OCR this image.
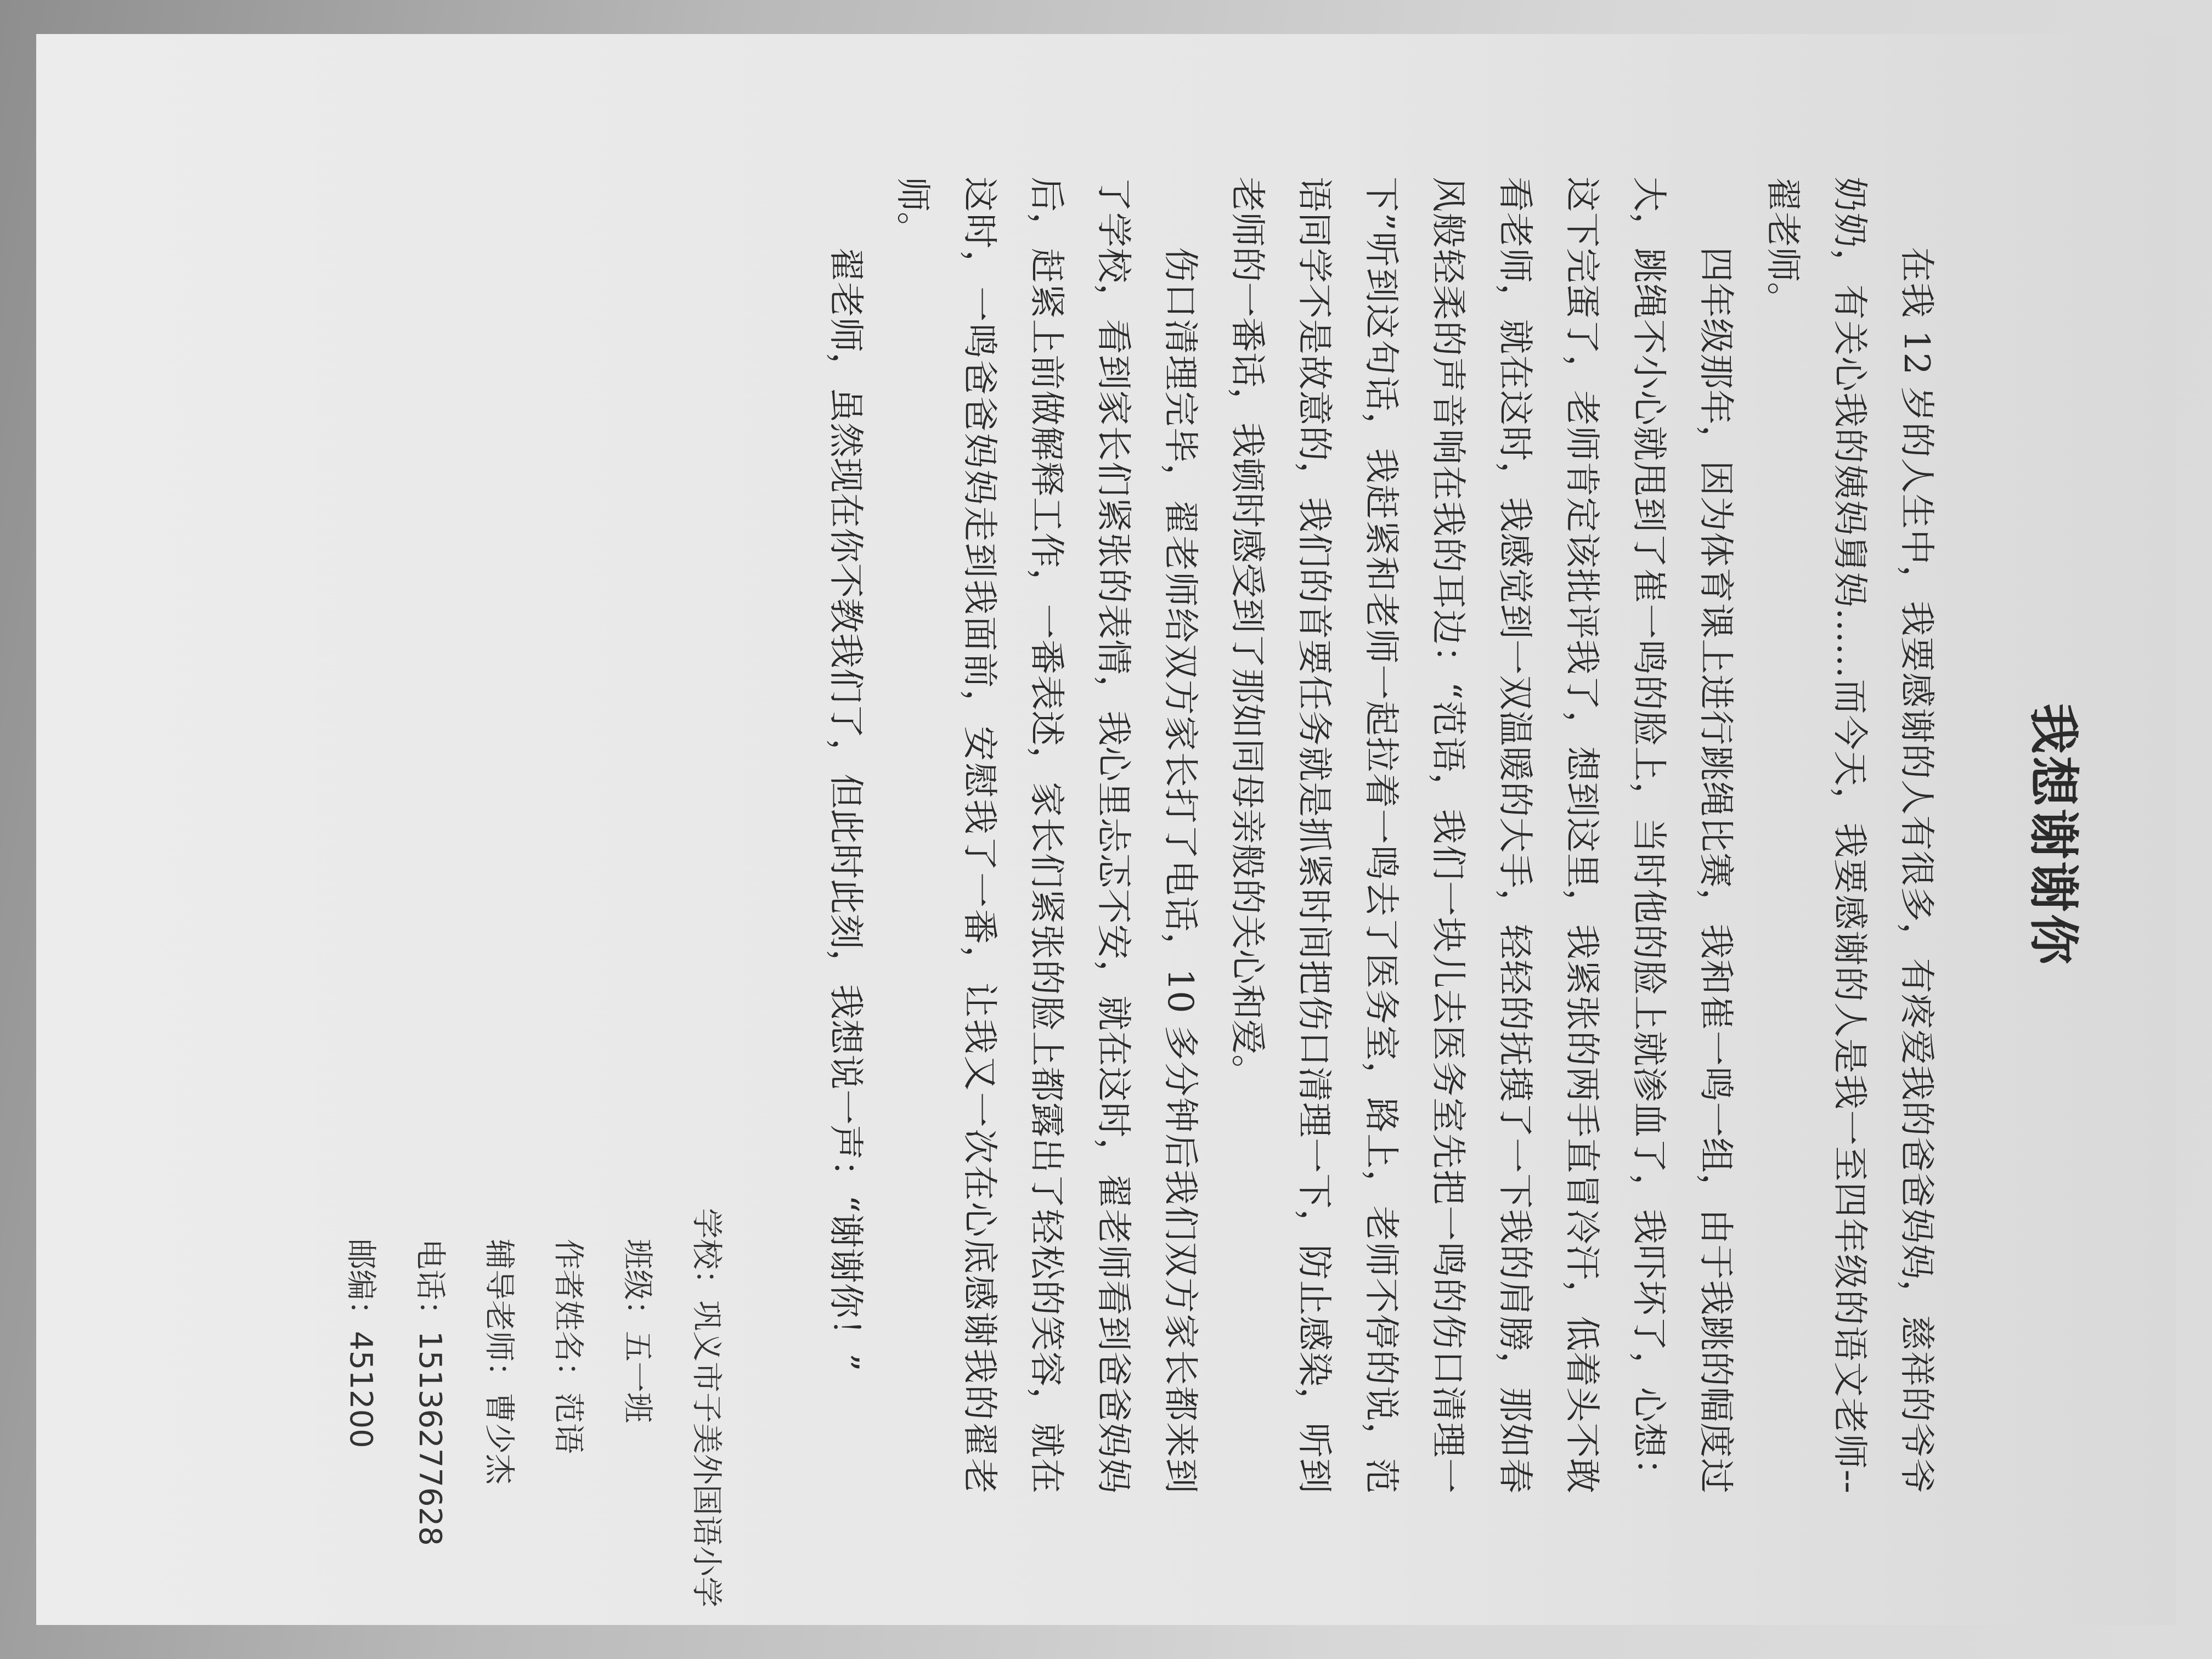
我想谢谢你

在我 12 岁的人生中，我要感谢的人有很多，有疼爱我的爸爸妈妈，慈祥的爷爷奶奶，有关心我的姨妈舅妈……而今天，我要感谢的人是我一至四年级的语文老师--翟老师。

四年级那年，因为体育课上进行跳绳比赛，我和崔一鸣一组，由于我跳的幅度过大，跳绳不小心就甩到了崔一鸣的脸上，当时他的脸上就渗血了，我吓坏了，心想：这下完蛋了，老师肯定该批评我了，想到这里，我紧张的两手直冒冷汗，低着头不敢看老师，就在这时，我感觉到一双温暖的大手，轻轻的抚摸了一下我的肩膀，那如春风般轻柔的声音响在我的耳边：“范语，我们一块儿去医务室先把一鸣的伤口清理一下”听到这句话，我赶紧和老师一起拉着一鸣去了医务室，路上，老师不停的说，范语同学不是故意的，我们的首要任务就是抓紧时间把伤口清理一下，防止感染，听到老师的一番话，我顿时感受到了那如同母亲般的关心和爱。

伤口清理完毕，翟老师给双方家长打了电话，10 多分钟后我们双方家长都来到了学校，看到家长们紧张的表情，我心里忐忑不安，就在这时，翟老师看到爸爸妈妈后，赶紧上前做解释工作，一番表述，家长们紧张的脸上都露出了轻松的笑容，就在这时，一鸣爸爸妈妈走到我面前，安慰我了一番，让我又一次在心底感谢我的翟老师。

翟老师，虽然现在你不教我们了，但此时此刻，我想说一声：“谢谢你！”

学校：巩义市子美外国语小学
班级：五一班
作者姓名：范语
辅导老师：曹少杰
电话：15136277628
邮编：451200
